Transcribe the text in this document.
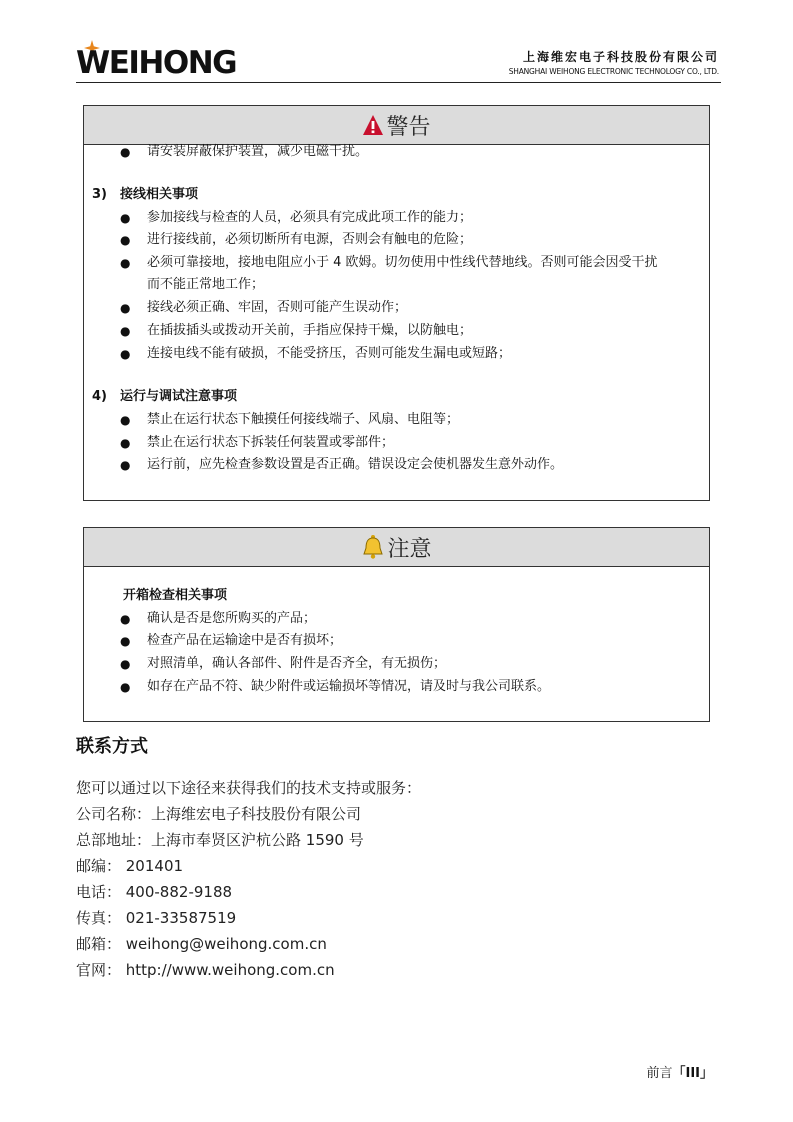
WEIHONG	上海维宏电子科技股份有限公司
SHANGHAI WEIHONG ELECTRONIC TECHNOLOGY CO., LTD.
警告
● 请安装屏蔽保护装置，减少电磁干扰。
3) 接线相关事项
● 参加接线与检查的人员，必须具有完成此项工作的能力；
● 进行接线前，必须切断所有电源，否则会有触电的危险；
● 必须可靠接地，接地电阻应小于 4 欧姆。切勿使用中性线代替地线。否则可能会因受干扰
而不能正常地工作；
● 接线必须正确、牢固，否则可能产生误动作；
● 在插拔插头或拨动开关前，手指应保持干燥，以防触电；
● 连接电线不能有破损，不能受挤压，否则可能发生漏电或短路；
4) 运行与调试注意事项
● 禁止在运行状态下触摸任何接线端子、风扇、电阻等；
● 禁止在运行状态下拆装任何装置或零部件；
● 运行前，应先检查参数设置是否正确。错误设定会使机器发生意外动作。
注意
开箱检查相关事项
● 确认是否是您所购买的产品；
● 检查产品在运输途中是否有损坏；
● 对照清单，确认各部件、附件是否齐全，有无损伤；
● 如存在产品不符、缺少附件或运输损坏等情况，请及时与我公司联系。
联系方式
您可以通过以下途径来获得我们的技术支持或服务：
公司名称：上海维宏电子科技股份有限公司
总部地址：上海市奉贤区沪杭公路 1590 号
邮编： 201401
电话： 400-882-9188
传真： 021-33587519
邮箱： weihong@weihong.com.cn
官网： http://www.weihong.com.cn
前言「III」
